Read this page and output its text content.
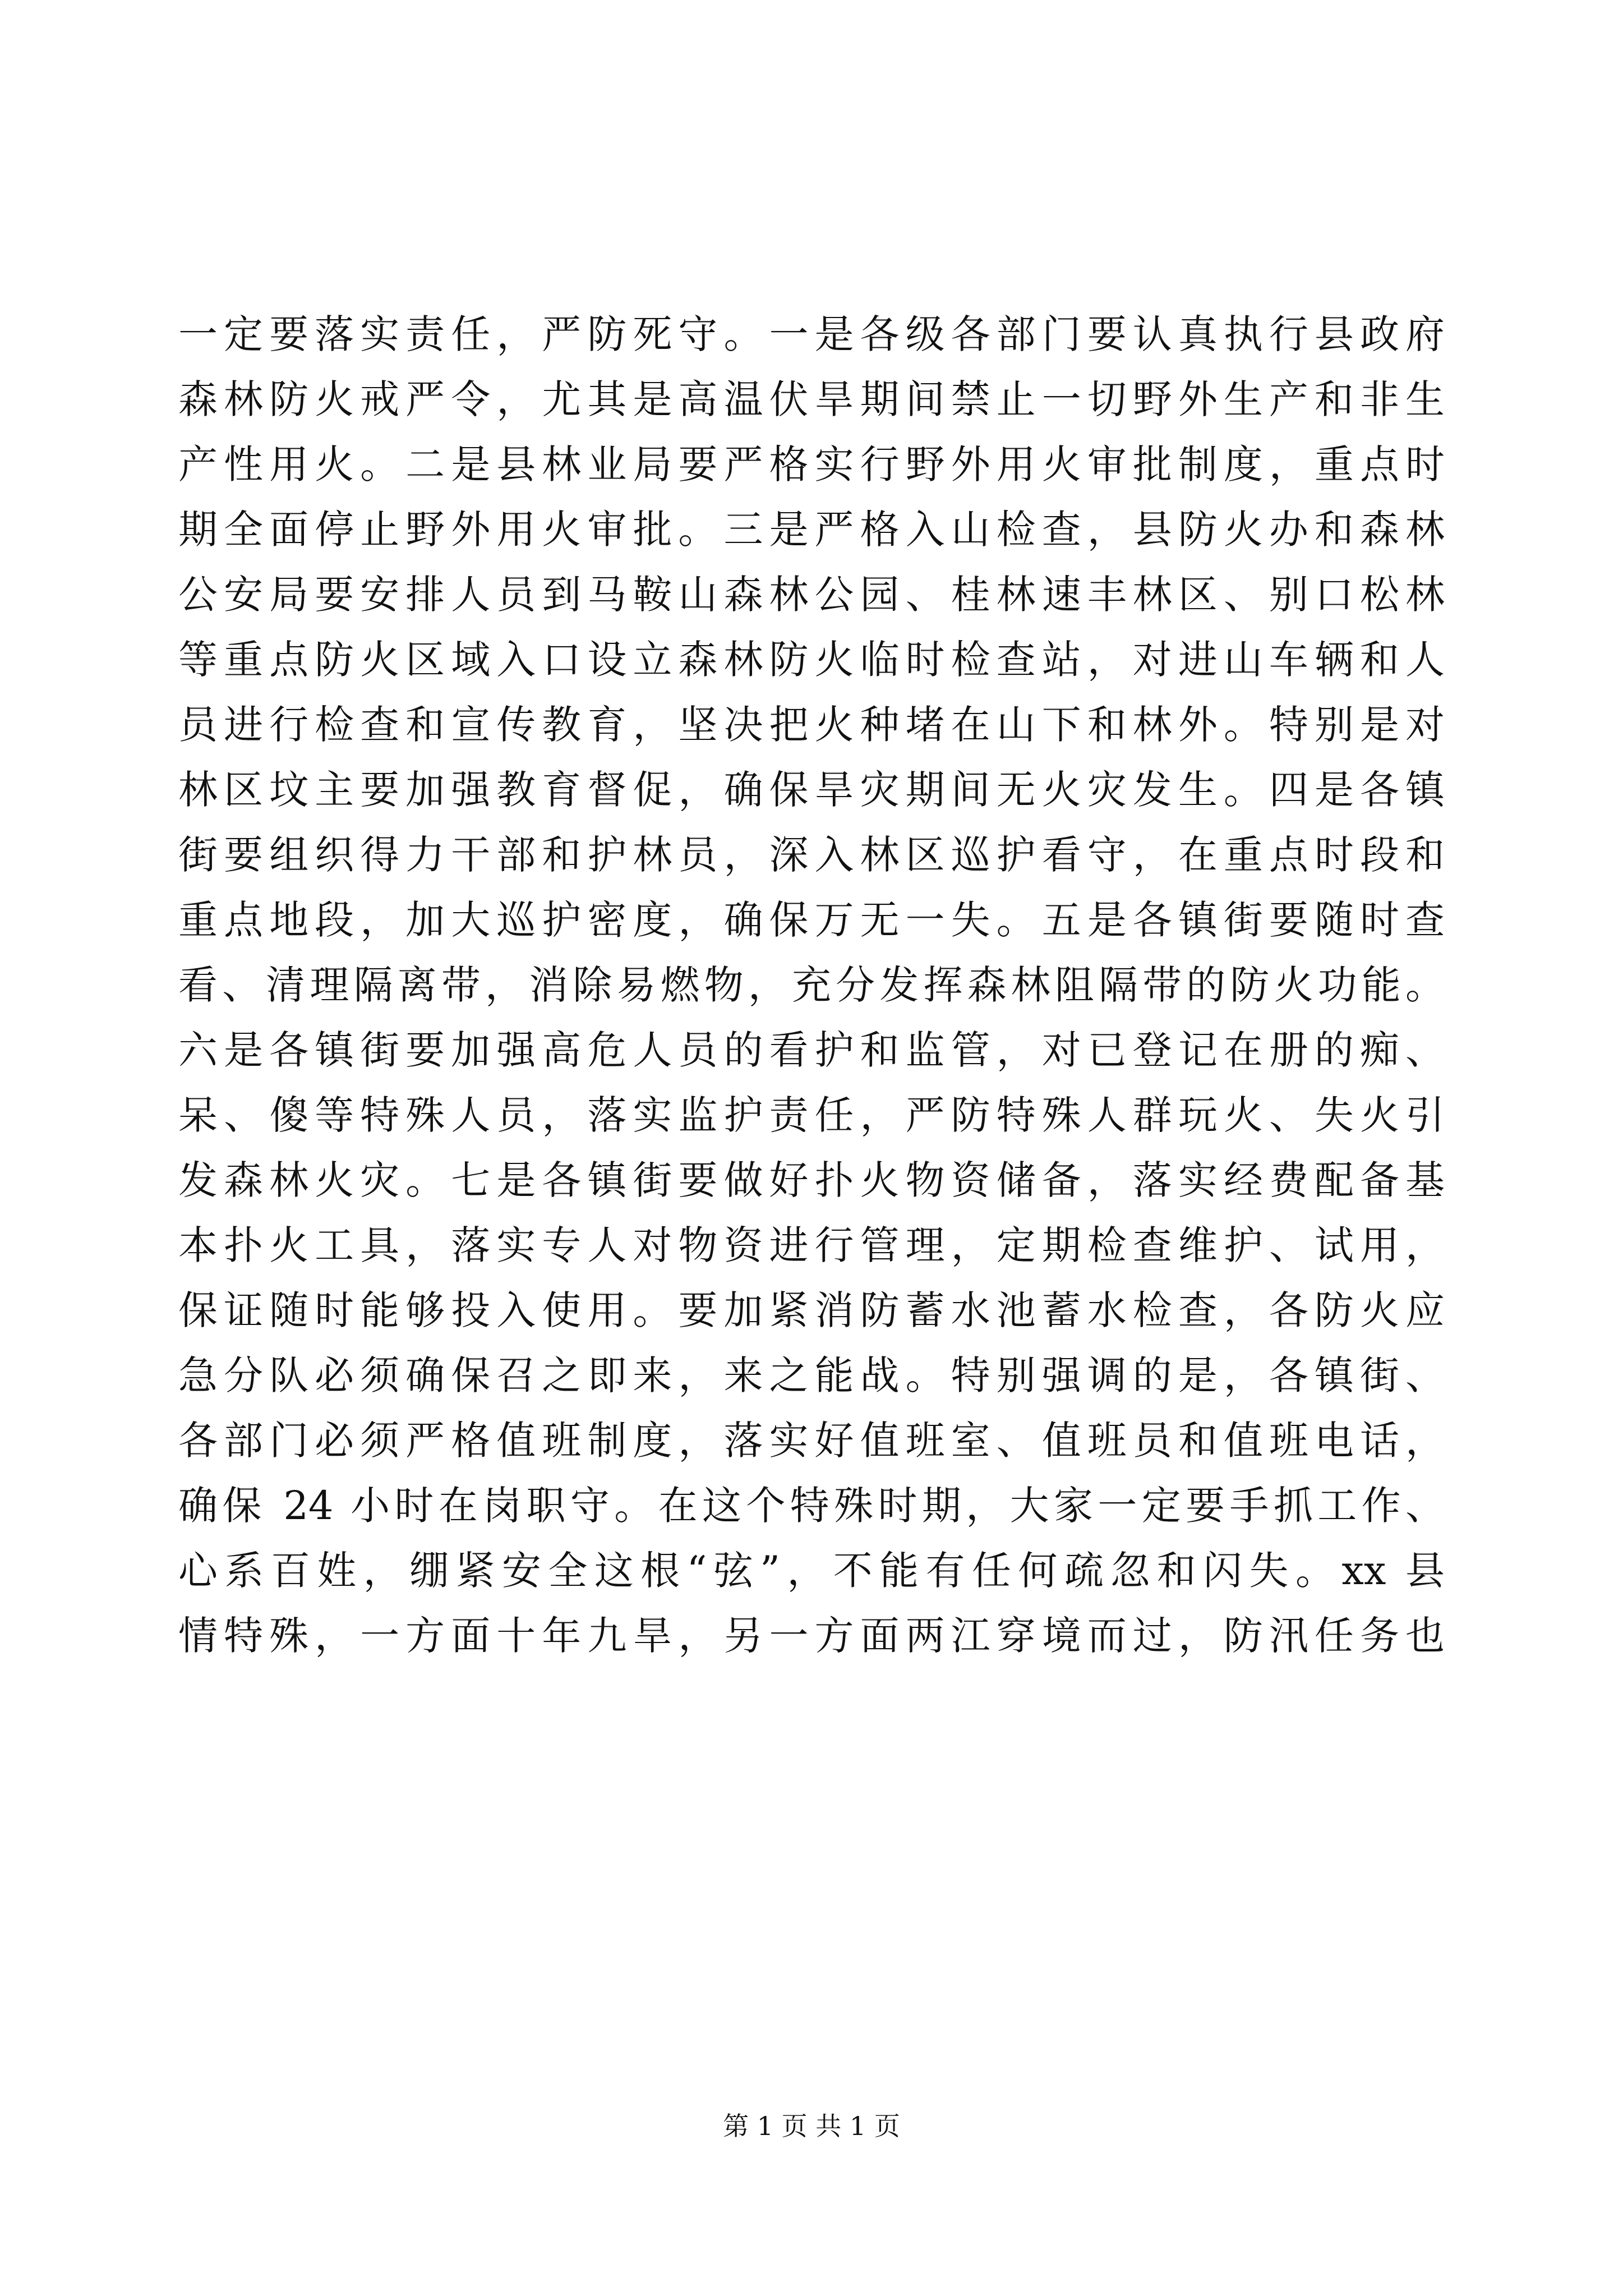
一定要落实责任，严防死守。一是各级各部门要认真执行县政府
森林防火戒严令，尤其是高温伏旱期间禁止一切野外生产和非生
产性用火。二是县林业局要严格实行野外用火审批制度，重点时
期全面停止野外用火审批。三是严格入山检查，县防火办和森林
公安局要安排人员到马鞍山森林公园、桂林速丰林区、别口松林
等重点防火区域入口设立森林防火临时检查站，对进山车辆和人
员进行检查和宣传教育，坚决把火种堵在山下和林外。特别是对
林区坟主要加强教育督促，确保旱灾期间无火灾发生。四是各镇
街要组织得力干部和护林员，深入林区巡护看守，在重点时段和
重点地段，加大巡护密度，确保万无一失。五是各镇街要随时查
看、清理隔离带，消除易燃物，充分发挥森林阻隔带的防火功能。
六是各镇街要加强高危人员的看护和监管，对已登记在册的痴、
呆、傻等特殊人员，落实监护责任，严防特殊人群玩火、失火引
发森林火灾。七是各镇街要做好扑火物资储备，落实经费配备基
本扑火工具，落实专人对物资进行管理，定期检查维护、试用，
保证随时能够投入使用。要加紧消防蓄水池蓄水检查，各防火应
急分队必须确保召之即来，来之能战。特别强调的是，各镇街、
各部门必须严格值班制度，落实好值班室、值班员和值班电话，
确保 24 小时在岗职守。在这个特殊时期，大家一定要手抓工作、
心系百姓，绷紧安全这根“弦”，不能有任何疏忽和闪失。xx 县
情特殊，一方面十年九旱，另一方面两江穿境而过，防汛任务也
第 1 页 共 1 页
